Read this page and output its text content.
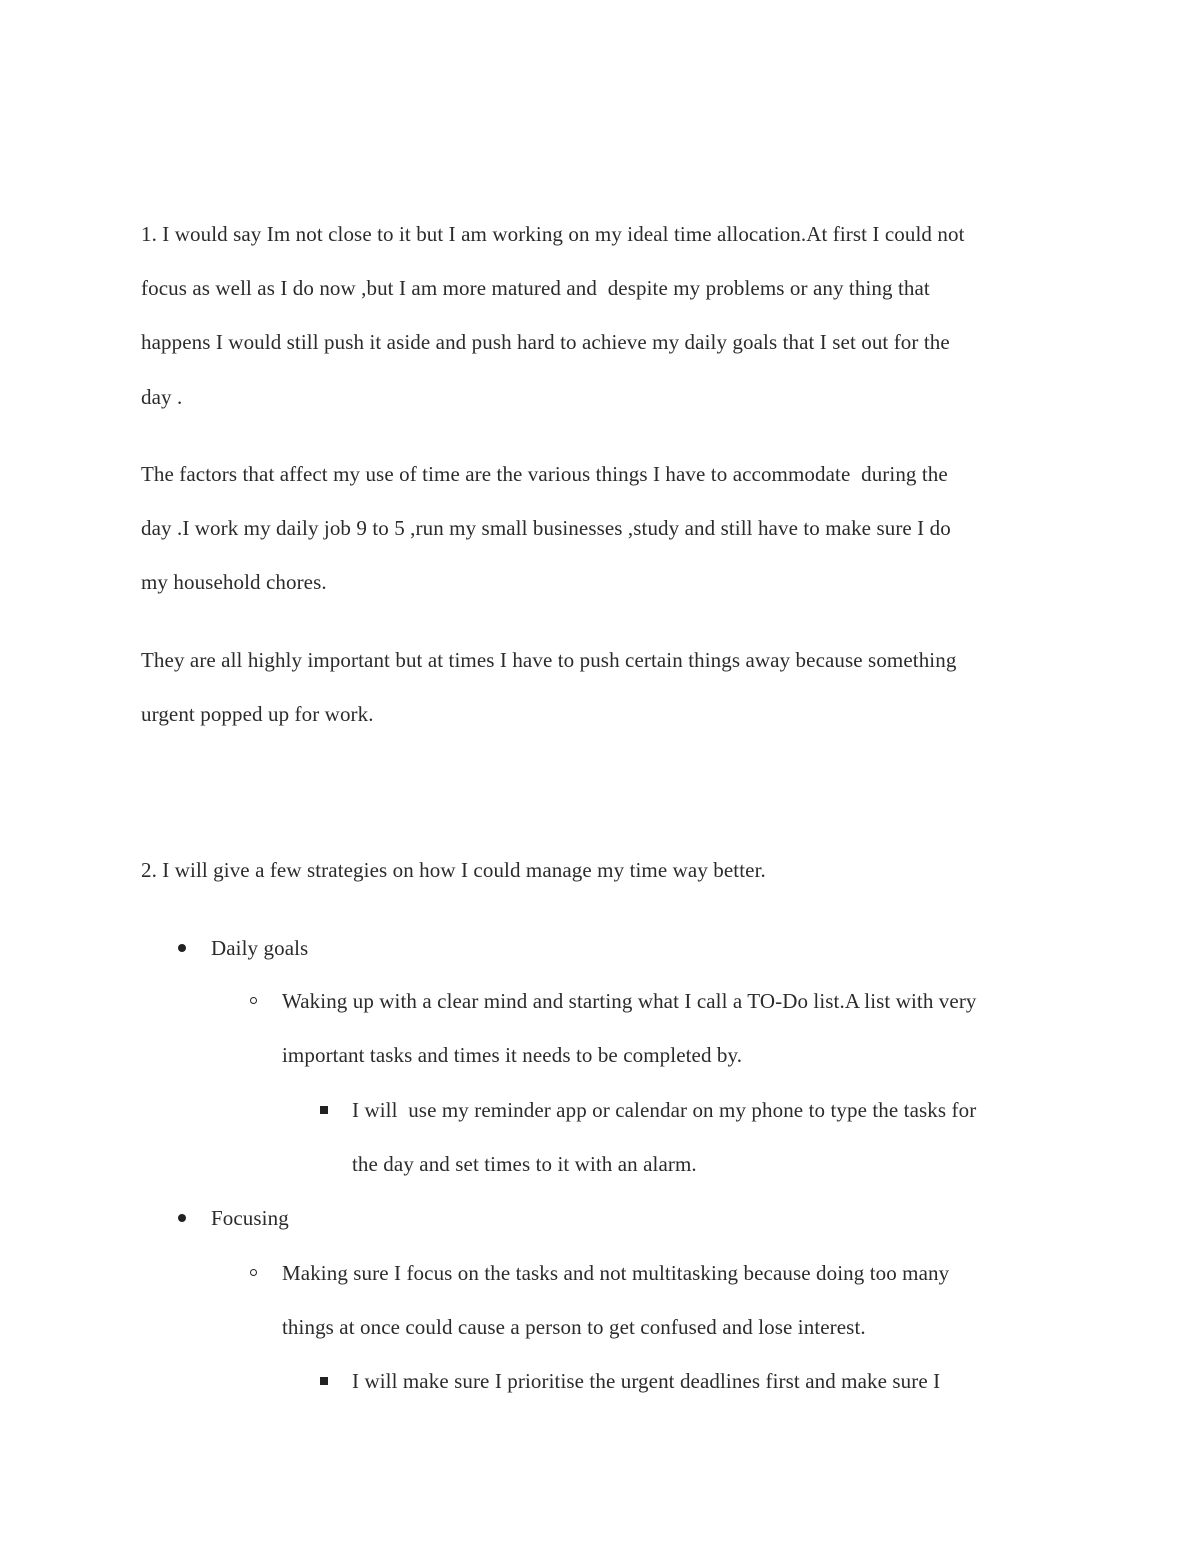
1. I would say Im not close to it but I am working on my ideal time allocation.At first I could not
focus as well as I do now ,but I am more matured and  despite my problems or any thing that
happens I would still push it aside and push hard to achieve my daily goals that I set out for the
day .
The factors that affect my use of time are the various things I have to accommodate  during the
day .I work my daily job 9 to 5 ,run my small businesses ,study and still have to make sure I do
my household chores.
They are all highly important but at times I have to push certain things away because something
urgent popped up for work.
2. I will give a few strategies on how I could manage my time way better.
Daily goals
Waking up with a clear mind and starting what I call a TO-Do list.A list with very
important tasks and times it needs to be completed by.
I will  use my reminder app or calendar on my phone to type the tasks for
the day and set times to it with an alarm.
Focusing
Making sure I focus on the tasks and not multitasking because doing too many
things at once could cause a person to get confused and lose interest.
I will make sure I prioritise the urgent deadlines first and make sure I
